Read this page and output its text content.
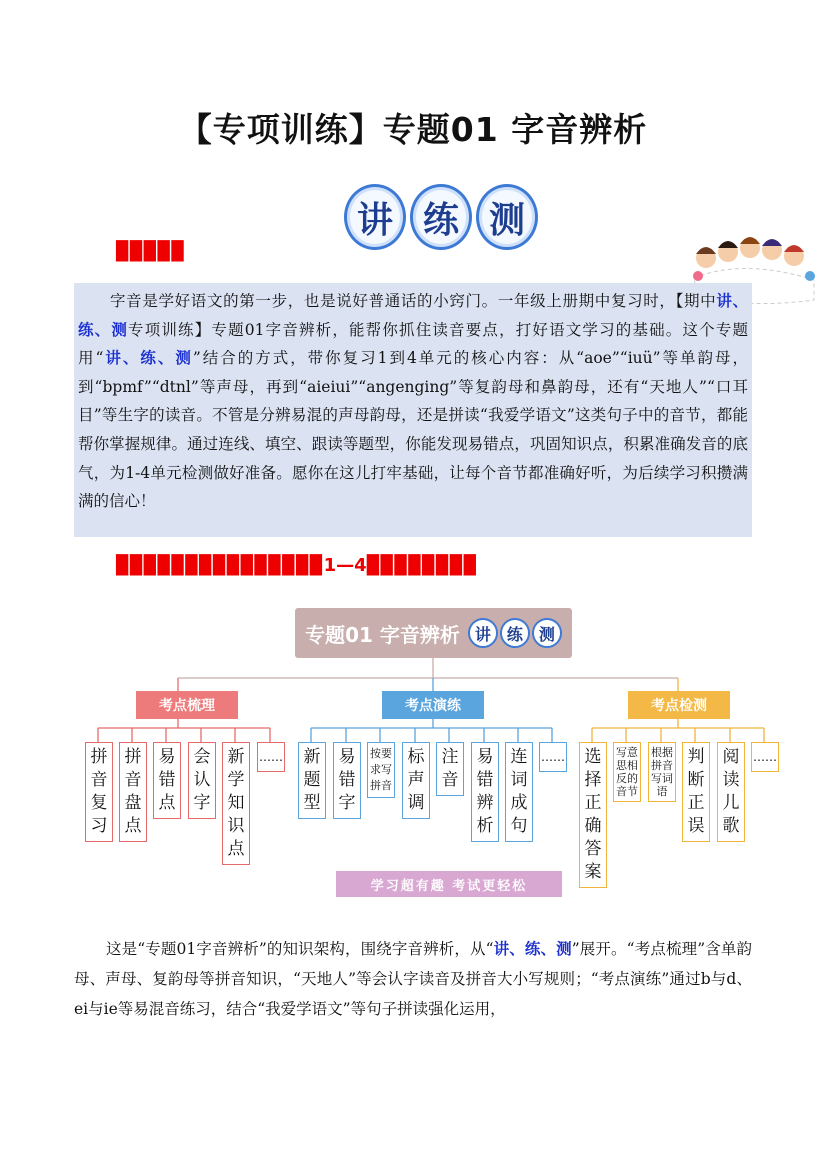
【专项训练】专题01 字音辨析
讲 练 测
▉▉▉▉▉
字音是学好语文的第一步，也是说好普通话的小窍门。一年级上册期中复习时，【期中讲、练、测专项训练】专题01字音辨析，能帮你抓住读音要点，打好语文学习的基础。这个专题用“讲、练、测”结合的方式，带你复习1到4单元的核心内容：从“aoe”“iuü”等单韵母，到“bpmf”“dtnl”等声母，再到“aieiui”“angenging”等复韵母和鼻韵母，还有“天地人”“口耳目”等生字的读音。不管是分辨易混的声母韵母，还是拼读“我爱学语文”这类句子中的音节，都能帮你掌握规律。通过连线、填空、跟读等题型，你能发现易错点，巩固知识点，积累准确发音的底气，为1-4单元检测做好准备。愿你在这儿打牢基础，让每个音节都准确好听，为后续学习积攒满满的信心！
▉▉▉▉▉▉▉▉▉▉▉▉▉▉▉1—4▉▉▉▉▉▉▉▉
专题01 字音辨析 讲 练 测
考点梳理	考点演练	考点检测
拼音复习
拼音盘点
易错点
会认字
新学知识点
……	新题型
易错字
按要求写拼音
标声调
注音
易错辨析
连词成句
……	选择正确答案
写意思相反的音节
根据拼音写词语
判断正误
阅读儿歌
……
学习超有趣 考试更轻松
这是“专题01字音辨析”的知识架构，围绕字音辨析，从“讲、练、测”展开。“考点梳理”含单韵母、声母、复韵母等拼音知识，“天地人”等会认字读音及拼音大小写规则；“考点演练”通过b与d、ei与ie等易混音练习，结合“我爱学语文”等句子拼读强化运用，
